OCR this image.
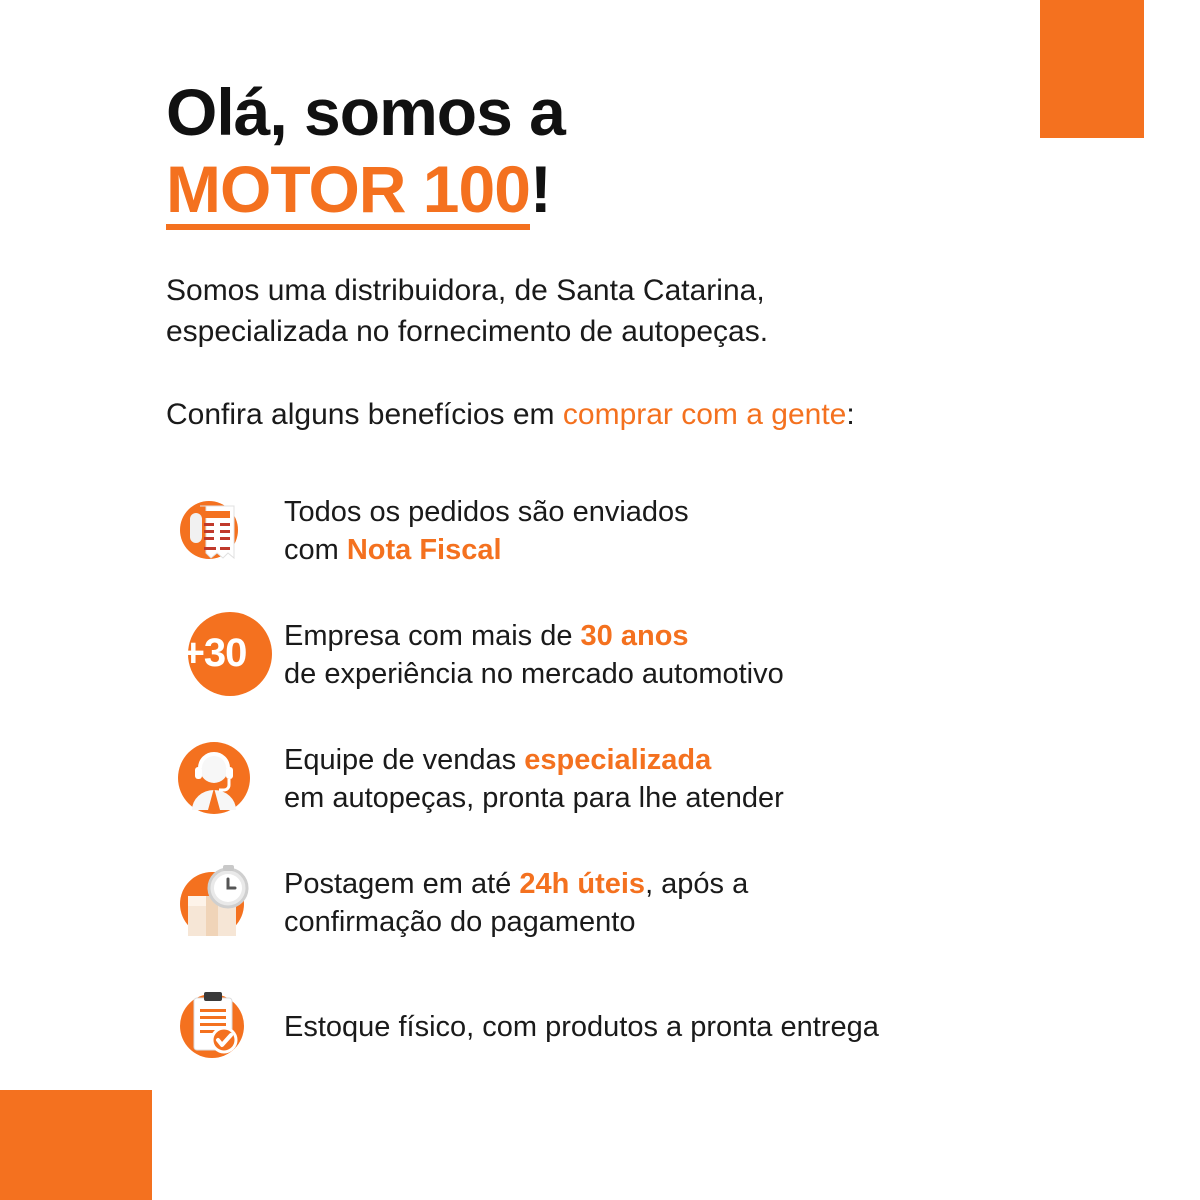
Olá, somos a
MOTOR 100!

Somos uma distribuidora, de Santa Catarina,
especializada no fornecimento de autopeças.

Confira alguns benefícios em comprar com a gente:

Todos os pedidos são enviados
com Nota Fiscal
+30 Empresa com mais de 30 anos
de experiência no mercado automotivo
Equipe de vendas especializada
em autopeças, pronta para lhe atender
Postagem em até 24h úteis, após a
confirmação do pagamento
Estoque físico, com produtos a pronta entrega
